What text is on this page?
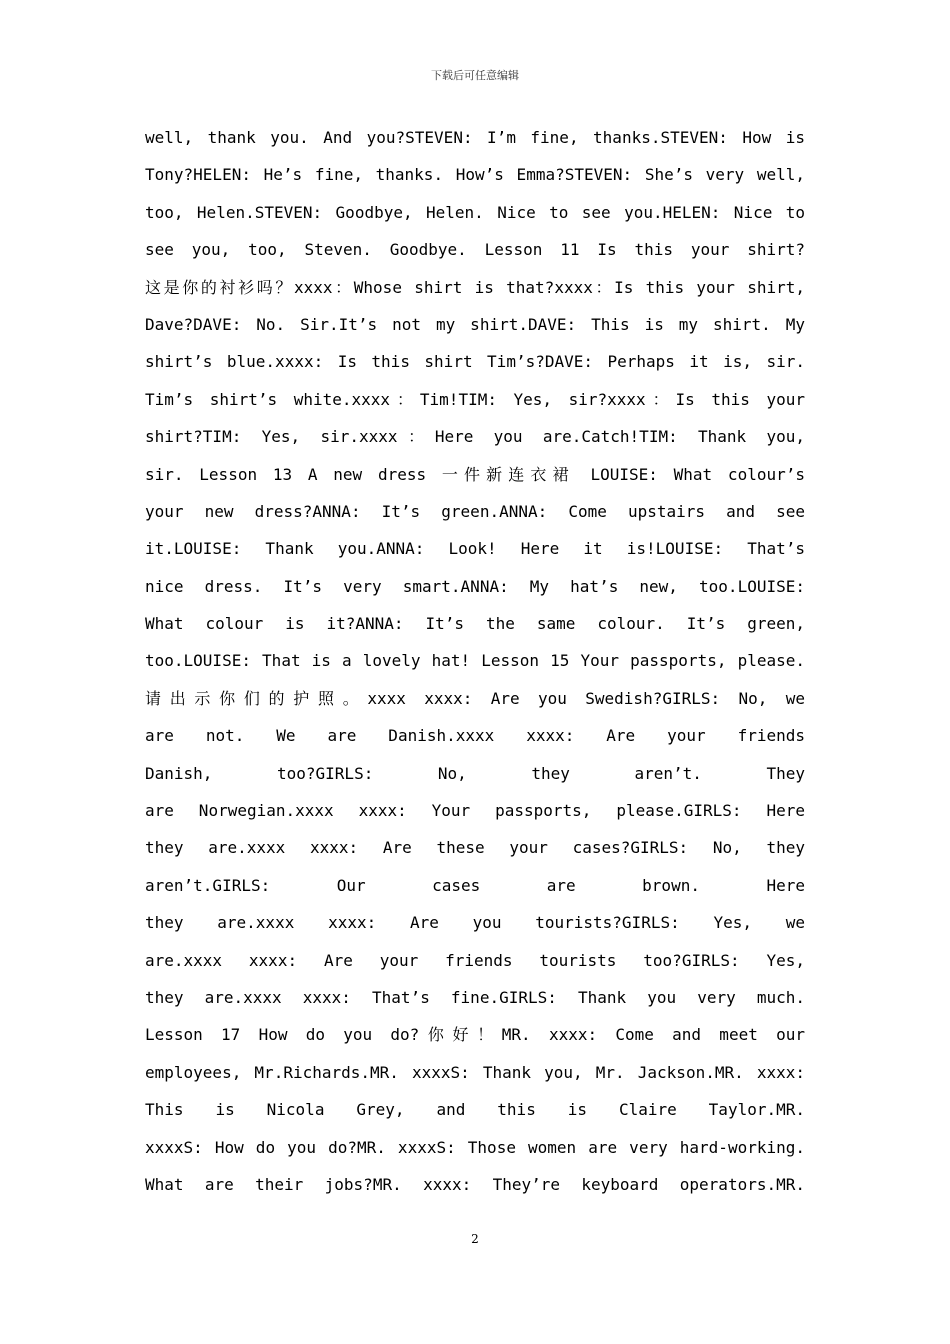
下载后可任意编辑
well, thank you. And you?STEVEN: I’m fine, thanks.STEVEN: How is
Tony?HELEN: He’s fine, thanks. How’s Emma?STEVEN: She’s very well,
too, Helen.STEVEN: Goodbye, Helen. Nice to see you.HELEN: Nice to
see you, too, Steven. Goodbye. Lesson 11 Is this your shirt?
这是你的衬衫吗？xxxx：Whose shirt is that?xxxx：Is this your shirt,
Dave?DAVE: No. Sir.It’s not my shirt.DAVE: This is my shirt. My
shirt’s blue.xxxx: Is this shirt Tim’s?DAVE: Perhaps it is, sir.
Tim’s shirt’s white.xxxx：Tim!TIM: Yes, sir?xxxx：Is this your
shirt?TIM: Yes, sir.xxxx：Here you are.Catch!TIM: Thank you,
sir. Lesson 13 A new dress 一件新连衣裙 LOUISE: What colour’s
your new dress?ANNA: It’s green.ANNA: Come upstairs and see
it.LOUISE: Thank you.ANNA: Look! Here it is!LOUISE: That’s
nice dress. It’s very smart.ANNA: My hat’s new, too.LOUISE:
What colour is it?ANNA: It’s the same colour. It’s green,
too.LOUISE: That is a lovely hat! Lesson 15 Your passports, please.
请出示你们的护照。xxxx xxxx: Are you Swedish?GIRLS: No, we
are not. We are Danish.xxxx xxxx: Are your friends
Danish, too?GIRLS: No, they aren’t. They
are Norwegian.xxxx xxxx: Your passports, please.GIRLS: Here
they are.xxxx xxxx: Are these your cases?GIRLS: No, they
aren’t.GIRLS: Our cases are brown. Here
they are.xxxx xxxx: Are you tourists?GIRLS: Yes, we
are.xxxx xxxx: Are your friends tourists too?GIRLS: Yes,
they are.xxxx xxxx: That’s fine.GIRLS: Thank you very much.
Lesson 17 How do you do?你好！MR. xxxx: Come and meet our
employees, Mr.Richards.MR. xxxxS: Thank you, Mr. Jackson.MR. xxxx:
This is Nicola Grey, and this is Claire Taylor.MR.
xxxxS: How do you do?MR. xxxxS: Those women are very hard-working.
What are their jobs?MR. xxxx: They’re keyboard operators.MR.
2
